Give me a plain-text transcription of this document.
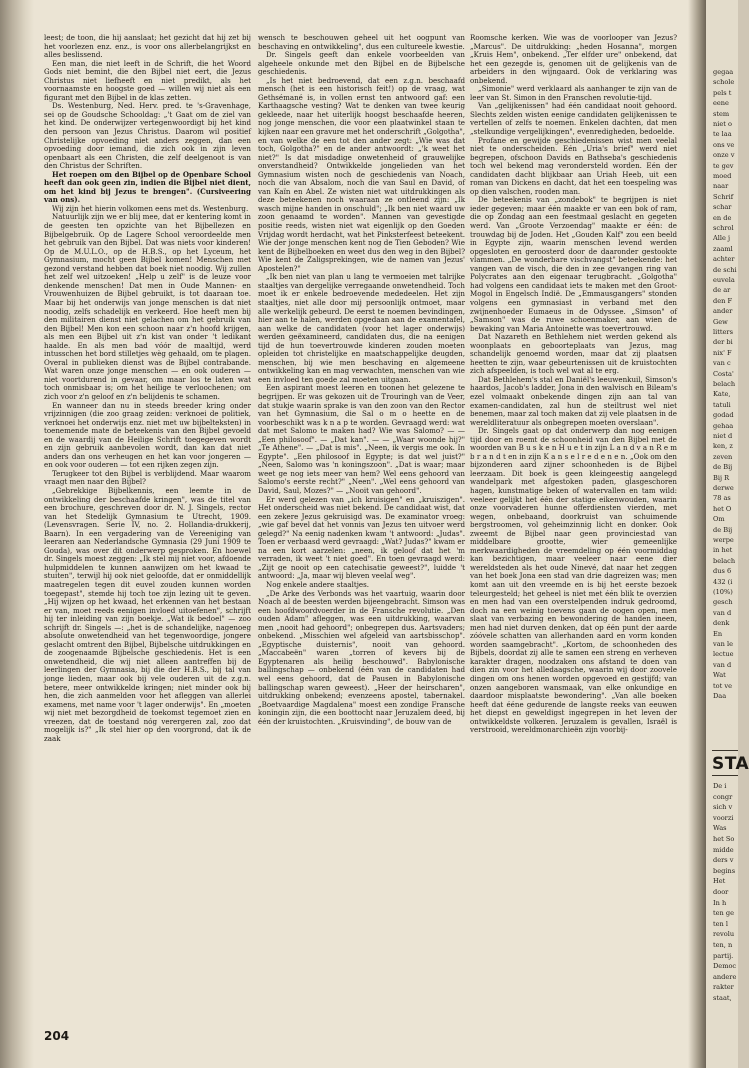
leest; de toon, die hij aanslaat; het gezicht dat hij zet bij het voorlezen enz. enz., is voor ons allerbelangrijkst en alles beslissend.

Een man, die niet leeft in de Schrift, die het Woord Gods niet bemint, die den Bijbel niet eert, die Jezus Christus niet liefheeft en niet predikt, als het voornaamste en hoogste goed — willen wij niet als een figurant met den Bijbel in de klas zetten.

Ds. Westenburg, Ned. Herv. pred. te 's-Gravenhage, sei op de Goudsche Schooldag: „'t Gaat om de ziel van het kind. De onderwijzer vertegenwoordigt bij het kind den persoon van Jezus Christus. Daarom wil positief Christelijke opvoeding niet anders zeggen, dan een opvoeding door iemand, die zich ook in zijn leven openbaart als een Christen, die zelf deelgenoot is van den Christus der Schriften.

Het roepen om den Bijbel op de Openbare School heeft dan ook geen zin, indien die Bijbel niet dient, om het kind bij Jezus te brengen". (Cursiveering van ons).

Wij zijn het hierin volkomen eens met ds. Westenburg.

Natuurlijk zijn we er blij mee, dat er kentering komt in de geesten ten opzichte van het Bijbellezen en Bijbelgebruik. Op de Lagere School veroordeelde men het gebruik van den Bijbel. Dat was niets voor kinderen! Op de M.U.L.O., op de H.B.S., op het Lyceum, het Gymnasium, mocht geen Bijbel komen! Menschen met gezond verstand hebben dat boek niet noodig. Wij zullen het zelf wel uitzoeken! „Help u zelf" is de leuze voor denkende menschen! Dat men in Oude Mannen- en Vrouwenhuizen de Bijbel gebruikt, is tot daaraan toe. Maar bij het onderwijs van jonge menschen is dat niet noodig, zelfs schadelijk en verkeerd. Hoe heeft men bij den militairen dienst niet gelachen om het gebruik van den Bijbel! Men kon een schoon naar z'n hoofd krijgen, als men een Bijbel uit z'n kist van onder 't ledikant haalde. En als men bad vóór de maaltijd, werd intusschen het bord stilletjes wèg gehaald, om te plagen. Overal in publieken dienst was de Bijbel contrabande. Wat waren onze jonge menschen — en ook ouderen — niet voortdurend in gevaar, om maar los te laten wat toch onmisbaar is; om het heilige te verloochenen; om zich voor z'n geloof en z'n belijdenis te schamen.

En wanneer dan nu in steeds breeder kring onder vrijzinnigen (die zoo graag zeiden: verknoei de politiek, verknoei het onderwijs enz. niet met uw bijbelteksten) in toenemende mate de beteekenis van den Bijbel gevoeld en de waardij van de Heilige Schrift toegegeven wordt en zijn gebruik aanbevolen wordt, dan kan dat niet anders dan ons verheugen en het kan voor jongeren — en ook voor ouderen — tot een rijken zegen zijn.

Terugkeer tot den Bijbel is verblijdend. Maar waarom vraagt men naar den Bijbel?

„Gebrekkige Bijbelkennis, een leemte in de ontwikkeling der beschaafde kringen", was de titel van een brochure, geschreven door dr. N. J. Singels, rector van het Stedelijk Gymnasium te Utrecht, 1909. (Levensvragen. Serie IV, no. 2. Hollandia-drukkerij, Baarn). In een vergadering van de Vereeniging van leeraren aan Nederlandsche Gymnasia (29 Juni 1909 te Gouda), was over dit onderwerp gesproken. En hoewel dr. Singels moest zeggen: „Ik stel mij niet voor, afdoende hulpmiddelen te kunnen aanwijzen om het kwaad te stuiten", terwijl hij ook niet geloofde, dat er onmiddellijk maatregelen tegen dit euvel zouden kunnen worden toegepast", stemde hij toch toe zijn lezing uit te geven. „Hij wijzen op het kwaad, het erkennen van het bestaan er van, moet reeds eenigen invloed uitoefenen", schrijft hij ter inleiding van zijn boekje. „Wat ik bedoel" — zoo schrijft dr. Singels —: „het is de schandelijke, nagenoeg absolute onwetendheid van het tegenwoordige, jongere geslacht omtrent den Bijbel, Bijbelsche uitdrukkingen en de zoogenaamde Bijbelsche geschiedenis. Het is een onwetendheid, die wij niet alleen aantreffen bij de leerlingen der Gymnasia, bij die der H.B.S., bij tal van jonge lieden, maar ook bij vele ouderen uit de z.g.n. betere, meer ontwikkelde kringen; niet minder ook bij hen, die zich aanmelden voor het afleggen van allerlei examens, met name voor 't lager onderwijs". En „moeten wij niet met bezorgdheid de toekomst tegemoet zien en vreezen, dat de toestand nóg verergeren zal, zoo dat mogelijk is?" „Ik stel hier op den voorgrond, dat ik de zaak

wensch te beschouwen geheel uit het oogpunt van beschaving en ontwikkeling", dus een cultureele kwestie.

Dr. Singels geeft dan enkele voorbeelden van algeheele onkunde met den Bijbel en de Bijbelsche geschiedenis.

„Is het niet bedroevend, dat een z.g.n. beschaafd mensch (het is een historisch feit!) op de vraag, wat Gethsémané is, in vollen ernst ten antwoord gaf: een Karthaagsche vesting? Wat te denken van twee keurig gekleede, naar het uiterlijk hoogst beschaafde heeren, nog jonge menschen, die voor een plaatwinkel staan te kijken naar een gravure met het onderschrift „Golgotha", en van welke de een tot den ander zegt: „Wie was dat toch, Golgotha?" en de ander antwoordt: „'k weet het niet?" Is dat misdadige onwetenheid of grauwelijke onverstandheid? Ontwikkelde jongelieden van het Gymnasium wisten noch de geschiedenis van Noach, noch die van Absalom, noch die van Saul en David, of van Kaïn en Abel. Ze wisten niet wat uitdrukkingen als deze beteekenen noch waaraan ze ontleend zijn: „Ik wasch mijne handen in onschuld"; „Ik ben niet waard uw zoon genaamd te worden". Mannen van gevestigde positie reeds, wisten niet wat eigenlijk op den Goeden Vrijdag wordt herdacht, wat het Pinksterfeest beteekent. Wie der jonge menschen kent nog de Tien Geboden? Wie kent de Bijbelboeken en weet dus den weg in den Bijbel? Wie kent de Zaligsprekingen, wie de namen van Jezus' Apostelen?"

„Ik ben niet van plan u lang te vermoeien met talrijke staaltjes van dergelijke verregaande onwetendheid. Toch moet ik er enkele bedroevende mededeelen. Het zijn staaltjes, niet alle door mij persoonlijk ontmoet, maar alle werkelijk gebeurd. De eerst te noemen bevindingen, hier aan te halen, werden opgedaan aan de examentafel, aan welke de candidaten (voor het lager onderwijs) werden geëxamineerd, candidaten dus, die na eenigen tijd de hun toevertrouwde kinderen zouden moeten opleiden tot christelijke en maatschappelijke deugden, menschen, bij wie men beschaving en algemeene ontwikkeling kan en mag verwachten, menschen van wie een invloed ten goede zal moeten uitgaan.

Een aspirant moest leeren en toonen het gelezene te begrijpen. Er was gekozen uit de Trouringh van de Veer, dat stukje waarin sprake is van den zoon van den Rector van het Gymnasium, die Sal o m o heette en de voorbeschikt was k n a p te worden. Gevraagd werd: wat dat met Salomo te maken had? Wie was Salomo? — — „Een philosoof". — „Dat kan". — — „Waar woonde hij?" „Te Athene". — „Dat is mis". „Neen, ik vergis me ook. In Egypte". „Een philosoof in Egypte; is dat wel juist?" „Neen, Salomo was 'n koningszoon". „Dat is waar; maar weet ge nog iets meer van hem? Wel eens gehoord van Salomo's eerste recht?" „Neen". „Wel eens gehoord van David, Saul, Mozes?" — „Nooit van gehoord".

Er werd gelezen van „ich kruisigen" en „kruiszigen". Het onderscheid was niet bekend. De candidaat wist, dat een zekere Jezus gekruisigd was. De examinator vroeg: „wie gaf bevel dat het vonnis van Jezus ten uitvoer werd gelegd?" Na eenig nadenken kwam 't antwoord: „Judas". Toen er verbaasd werd gevraagd: „Wat? Judas?" kwam er na een kort aarzelen: „neen, ik geloof dat het 'm verraden, ik weet 't niet goed". En toen gevraagd werd: „Zijt ge nooit op een catechisatie geweest?", luidde 't antwoord: „Ja, maar wij bleven veelal weg".

Nog enkele andere staaltjes.

„De Arke des Verbonds was het vaartuig, waarin door Noach al de beesten werden bijeengebracht. Simson was een hoofdwoordvoerder in de Fransche revolutie. „Den ouden Adam" afleggen, was een uitdrukking, waarvan men „nooit had gehoord"; onbegrepen dus. Aartsvaders; onbekend. „Misschien wel afgeleid van aartsbisschop". „Egyptische duisternis", nooit van gehoord. „Maccabeën" waren „torren of kevers bij de Egyptenaren als heilig beschouwd". Babylonische ballingschap — onbekend (één van de candidaten had wel eens gehoord, dat de Pausen in Babylonische ballingschap waren geweest). „Heer der heirscharen", uitdrukking onbekend; evenzeens apostel, tabernakel. „Boetvaardige Magdalena" moest een zondige Fransche koningin zijn, die een boottocht naar Jeruzalem deed, bij één der kruistochten. „Kruisvinding", de bouw van de

Roomsche kerken. Wie was de voorlooper van Jezus? „Marcus". De uitdrukking: „heden Hosanna", morgen „Kruis Hem", onbekend. „Ter elfder ure" onbekend, dat het een gezegde is, genomen uit de gelijkenis van de arbeiders in den wijngaard. Ook de verklaring was onbekend.

„Simonie" werd verklaard als aanhanger te zijn van de leer van St. Simon in den Franschen revolutie-tijd.

Van „gelijkenissen" had één candidaat nooit gehoord. Slechts zelden wisten eenige candidaten gelijkenissen te vertellen of zelfs te noemen. Enkelen dachten, dat men „stelkundige vergelijkingen", evenredigheden, bedoelde.

Profane en gewijde geschiedenissen wist men veelal niet te onderscheiden. Eén „Uria's brief" werd niet begrepen, ofschoon Davids en Bathseba's geschiedenis toch wel bekend mag verondersteld worden. Eén der candidaten dacht blijkbaar aan Uriah Heeb, uit een roman van Dickens en dacht, dat het een toespeling was op dien valschen, rooden man.

De beteekenis van „zondebok" te begrijpen is niet ieder gegeven; maar één maakte er van een bok of ram, die op Zondag aan een feestmaal geslacht en gegeten werd. Van „Groote Verzoendag" maakte er één: de trouwdag bij de Joden. Het „Gouden Kalf" zou een beeld in Egypte zijn, waarin menschen levend werden opgesloten en geroosterd door de daaronder gestookte vlammen. „De wonderbare vischvangst" beteekende: het vangen van de visch, die den in zee gevangen ring van Polycrates aan den eigenaar terugbracht. „Golgotha" had volgens een candidaat iets te maken met den Groot-Mogol in Engelsch Indië. De „Emmausgangers" stonden volgens een gymnasiast in verband met den zwijnenhoeder Eumaeus in de Odyssee. „Simson" of „Samson" was de ruwe schoenmaker, aan wien de bewaking van Maria Antoinette was toevertrouwd.

Dat Nazareth en Bethlehem niet werden gekend als woonplaats en geboorteplaats van Jezus, mag schandelijk genoemd worden, maar dat zij plaatsen heetten te zijn, waar gebeurtenissen uit de kruistochten zich afspeelden, is toch wel wat al te erg.

Dat Bethlehem's stal en Daniël's leeuwenkuil, Simson's haardos, Jacob's ladder, Jona in den walvisch en Bileam's ezel volmaakt onbekende dingen zijn aan tal van examen-candidaten, zal hun de steiltrust wel niet benemen, maar zal toch maken dat zij vele plaatsen in de wereldliteratuur als onbegrepen moeten overslaan".

Dr. Singels gaat op dat onderwerp dan nog eenigen tijd door en roemt de schoonheid van den Bijbel met de woorden van B u s k e n H u e t in zijn L a n d v a n R e m b r a n d t en in zijn K a n s e l r e d e n e n. „Ook om den bijzonderen aard zijner schoonheden is de Bijbel leerzaam. Dit boek is geen kleingeestig aangelegd wandelpark met afgestoken paden, glasgeschoren hagen, kunstmatige beken of watervallen en tam wild: veeleer gelijkt het één der statige eikenwouden, waarin onze voorvaderen hunne offerdiensten vierden, met wegen, onbebaand, doorkruist van schuimende bergstroomen, vol geheimzinnig licht en donker. Ook zweemt de Bijbel naar geen provinciestad van middelbare grootte, wier gemeenlijke merkwaardigheden de vreemdeling op één voormiddag kan bezichtigen, maar veeleer naar eene dier wereldsteden als het oude Ninevé, dat naar het zeggen van het boek Jona een stad van drie dagreizen was; men komt aan uit den vreemde en is bij het eerste bezoek teleurgesteld; het geheel is niet met één blik te overzien en men had van een overstelpenden indruk gedroomd, doch na een weinig toevens gaan de oogen open, men slaat van verbazing en bewondering de handen ineen, men had niet durven denken, dat op één punt der aarde zóóvele schatten van allerhanden aard en vorm konden worden saamgebracht". „Kortom, de schoonheden des Bijbels, doordat zij alle te samen een streng en verheven karakter dragen, noodzaken ons afstand te doen van dien zin voor het alledaagsche, waarin wij door zoovele dingen om ons henen worden opgevoed en gestijfd; van onzen aangeboren wansmaak, van elke onkundige en daardoor misplaatste bewondering". „Van alle boeken heeft dat ééne gedurende de langste reeks van eeuwen het diepst en geweldigst ingegrepen in het leven der ontwikkeldste volkeren. Jeruzalem is gevallen, Israël is verstrooid, wereldmonarchieën zijn voorbij-

204
gegaa
schole
pels t
eene
stem
niet o
te laa
ons ve
onze v
te gev
moed
naar
Schrif
schar
en de
schrol
Alle j
zaaml
achter
de schi
euvela
de ar
den F
ander
Gew
litters
der bi
nix' F
van c
Costa'
belach
Kate,
tatuli
godad
gehaa
niet d
ken, z
zeven
de Bij
Bij R
derwe
78 as
het O
Om
de Bij
werpe
in het
belach
dus 6
432 (i
(10%)
gesch
van d
denk
En
van le
lectue
van d
Wat
tot ve
Daa
STA
De i
congr
sich v
voorzi
Was
het So
midde
ders v
begins
Het
door
In h
ten ge
ten l
revolu
ten, n
partij.
Democ
andere
rakter
staat,
